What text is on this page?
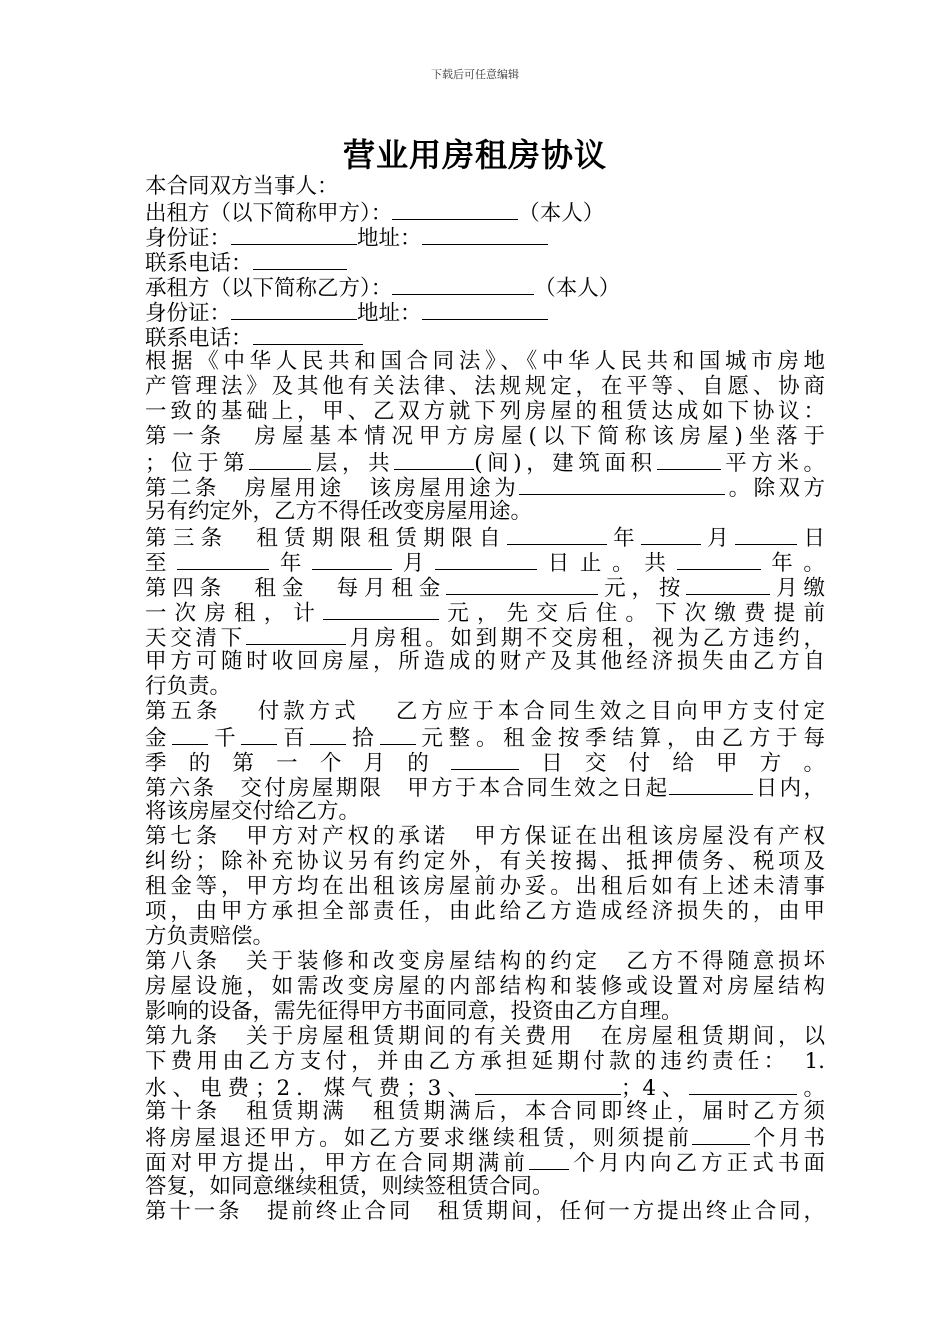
下载后可任意编辑
营业用房租房协议
本合同双方当事人：
出租方（以下简称甲方）：	（本人）
身份证：	地址：
联系电话：
承租方（以下简称乙方）：	（本人）
身份证：	地址：
联系电话：
根据《中华人民共和国合同法》、《中华人民共和国城市房地
产管理法》及其他有关法律、法规规定，在平等、自愿、协商
一致的基础上，甲、乙双方就下列房屋的租赁达成如下协议：
第一条　房屋基本情况甲方房屋(以下简称该房屋)坐落于
；位于第	层，共	(间)，建筑面积	平方米。
第二条　房屋用途　该房屋用途为	。除双方
另有约定外，乙方不得任改变房屋用途。
第三条　租赁期限租赁期限自	年	月	日
至	年	月	日止。共	年。
第四条　租金　每月租金	元，按	月缴
一次房租，计	元，先交后住。下次缴费提前
天交清下	月房租。如到期不交房租，视为乙方违约，
甲方可随时收回房屋，所造成的财产及其他经济损失由乙方自
行负责。
第五条　 付款方式　 乙方应于本合同生效之目向甲方支付定
金 千 百 拾 元整。租金按季结算，由乙方于每
季的第一个月的	日交付给甲方。
第六条　交付房屋期限　甲方于本合同生效之日起	日内，
将该房屋交付给乙方。
第七条　甲方对产权的承诺　甲方保证在出租该房屋没有产权
纠纷；除补充协议另有约定外，有关按揭、抵押债务、税项及
租金等，甲方均在出租该房屋前办妥。出租后如有上述未清事
项，由甲方承担全部责任，由此给乙方造成经济损失的，由甲
方负责赔偿。
第八条　关于装修和改变房屋结构的约定　乙方不得随意损坏
房屋设施，如需改变房屋的内部结构和装修或设置对房屋结构
影响的设备，需先征得甲方书面同意，投资由乙方自理。
第九条　关于房屋租赁期间的有关费用　在房屋租赁期间，以
下费用由乙方支付，并由乙方承担延期付款的违约责任：　1.
水、电费；2．煤气费；3、	；4、	。
第十条　租赁期满　租赁期满后，本合同即终止，届时乙方须
将房屋退还甲方。如乙方要求继续租赁，则须提前	个月书
面对甲方提出，甲方在合同期满前 个月内向乙方正式书面
答复，如同意继续租赁，则续签租赁合同。
第十一条　提前终止合同　租赁期间，任何一方提出终止合同，
